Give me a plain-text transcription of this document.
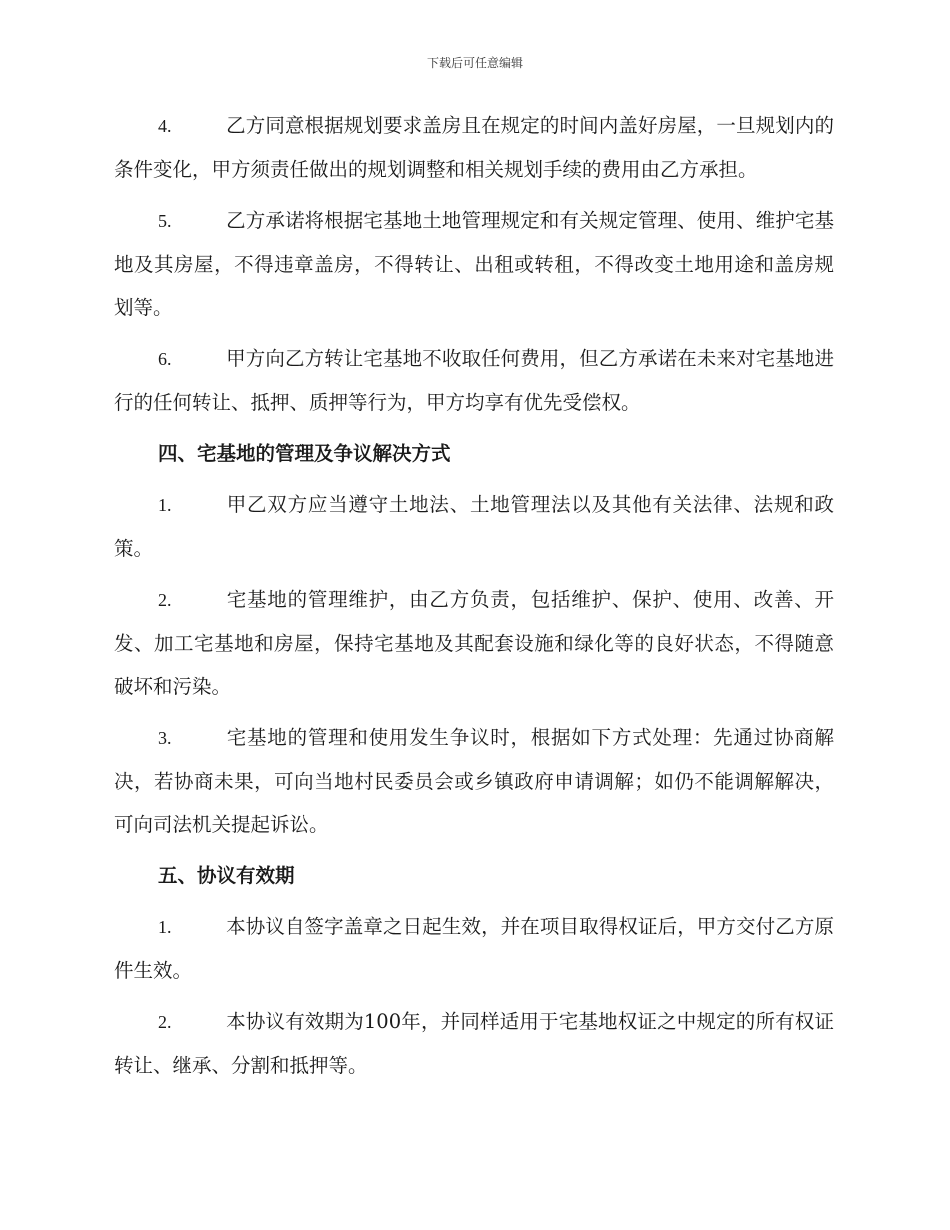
下载后可任意编辑
4.	乙方同意根据规划要求盖房且在规定的时间内盖好房屋，一旦规划内的条件变化，甲方须责任做出的规划调整和相关规划手续的费用由乙方承担。
5.	乙方承诺将根据宅基地土地管理规定和有关规定管理、使用、维护宅基地及其房屋，不得违章盖房，不得转让、出租或转租，不得改变土地用途和盖房规划等。
6.	甲方向乙方转让宅基地不收取任何费用，但乙方承诺在未来对宅基地进行的任何转让、抵押、质押等行为，甲方均享有优先受偿权。
四、宅基地的管理及争议解决方式
1.	甲乙双方应当遵守土地法、土地管理法以及其他有关法律、法规和政策。
2.	宅基地的管理维护，由乙方负责，包括维护、保护、使用、改善、开发、加工宅基地和房屋，保持宅基地及其配套设施和绿化等的良好状态，不得随意破坏和污染。
3.	宅基地的管理和使用发生争议时，根据如下方式处理：先通过协商解决，若协商未果，可向当地村民委员会或乡镇政府申请调解；如仍不能调解解决，可向司法机关提起诉讼。
五、协议有效期
1.	本协议自签字盖章之日起生效，并在项目取得权证后，甲方交付乙方原件生效。
2.	本协议有效期为100年，并同样适用于宅基地权证之中规定的所有权证转让、继承、分割和抵押等。
